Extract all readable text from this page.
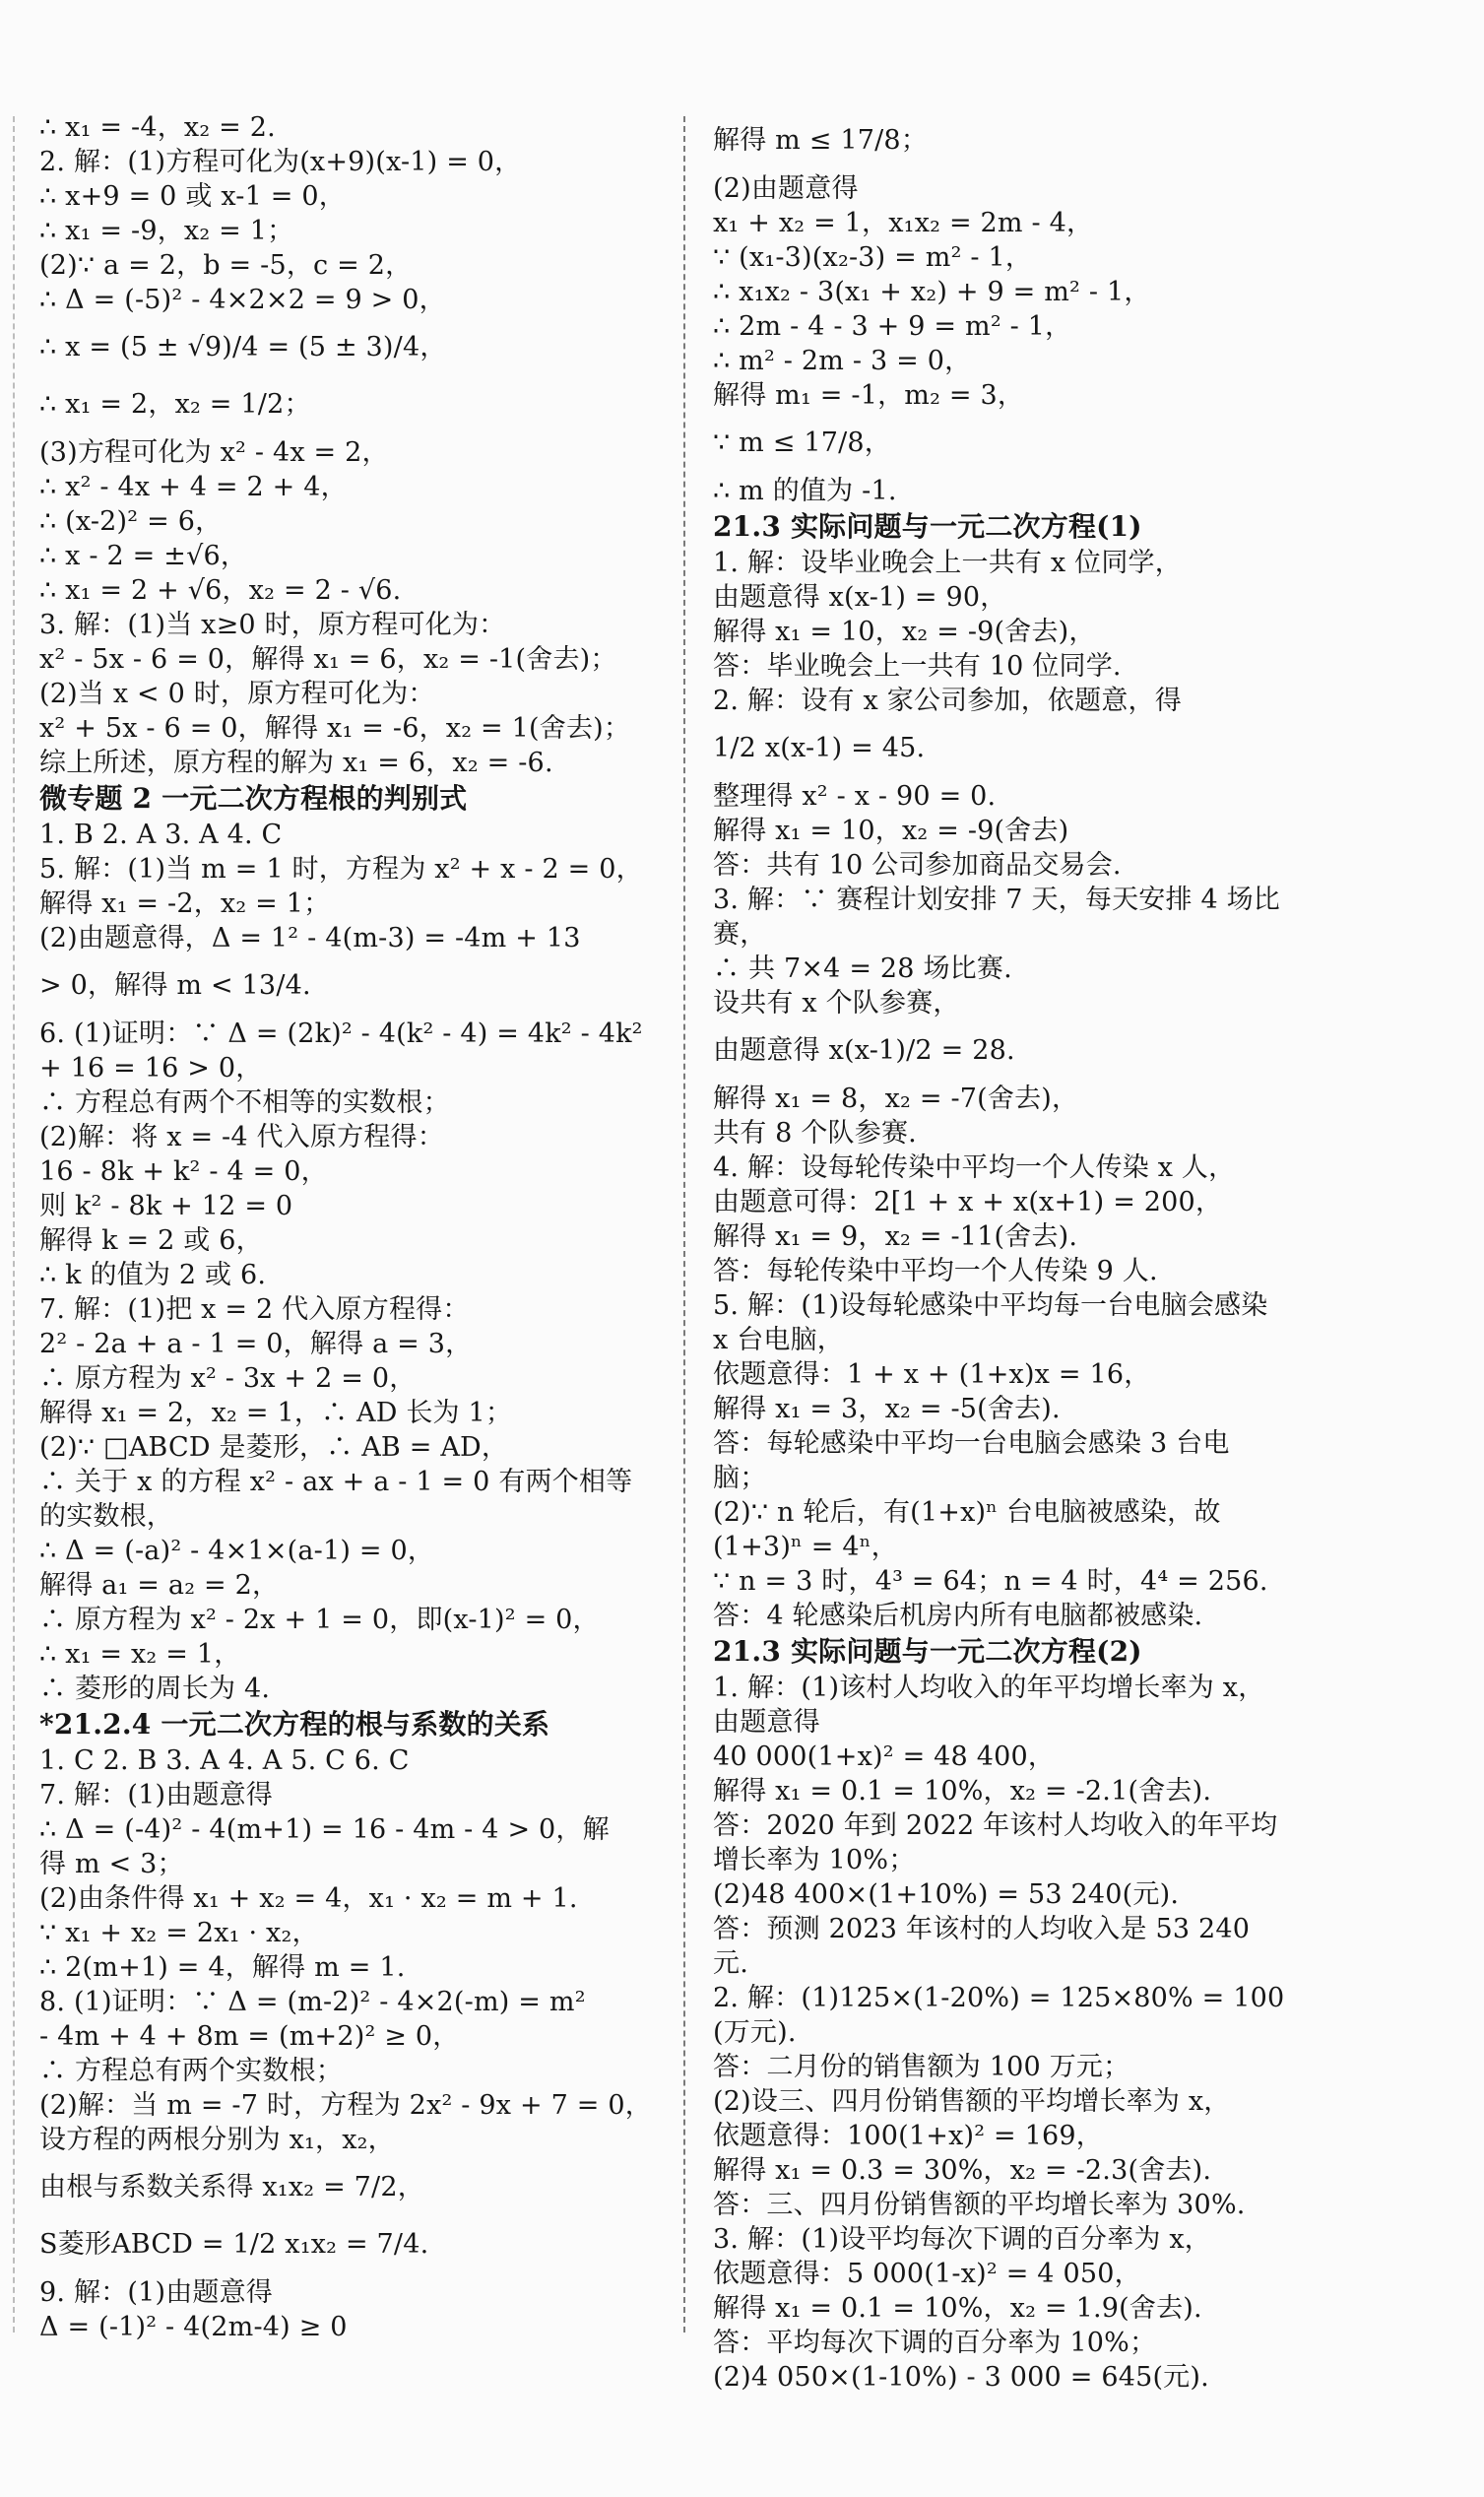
∴ x₁ = -4，x₂ = 2.
2. 解：(1)方程可化为(x+9)(x-1) = 0，
∴ x+9 = 0 或 x-1 = 0，
∴ x₁ = -9，x₂ = 1；
(2)∵ a = 2，b = -5，c = 2，
∴ Δ = (-5)² - 4×2×2 = 9 > 0，
∴ x = (5 ± √9)/4 = (5 ± 3)/4，
∴ x₁ = 2，x₂ = 1/2；
(3)方程可化为 x² - 4x = 2，
∴ x² - 4x + 4 = 2 + 4，
∴ (x-2)² = 6，
∴ x - 2 = ±√6，
∴ x₁ = 2 + √6，x₂ = 2 - √6.
3. 解：(1)当 x≥0 时，原方程可化为：
x² - 5x - 6 = 0，解得 x₁ = 6，x₂ = -1(舍去)；
(2)当 x < 0 时，原方程可化为：
x² + 5x - 6 = 0，解得 x₁ = -6，x₂ = 1(舍去)；
综上所述，原方程的解为 x₁ = 6，x₂ = -6.
微专题 2 一元二次方程根的判别式
1. B 2. A 3. A 4. C
5. 解：(1)当 m = 1 时，方程为 x² + x - 2 = 0，
解得 x₁ = -2，x₂ = 1；
(2)由题意得，Δ = 1² - 4(m-3) = -4m + 13
> 0，解得 m < 13/4.
6. (1)证明：∵ Δ = (2k)² - 4(k² - 4) = 4k² - 4k²
+ 16 = 16 > 0，
∴ 方程总有两个不相等的实数根；
(2)解：将 x = -4 代入原方程得：
16 - 8k + k² - 4 = 0，
则 k² - 8k + 12 = 0
解得 k = 2 或 6，
∴ k 的值为 2 或 6.
7. 解：(1)把 x = 2 代入原方程得：
2² - 2a + a - 1 = 0，解得 a = 3，
∴ 原方程为 x² - 3x + 2 = 0，
解得 x₁ = 2，x₂ = 1，∴ AD 长为 1；
(2)∵ □ABCD 是菱形，∴ AB = AD，
∴ 关于 x 的方程 x² - ax + a - 1 = 0 有两个相等
的实数根，
∴ Δ = (-a)² - 4×1×(a-1) = 0，
解得 a₁ = a₂ = 2，
∴ 原方程为 x² - 2x + 1 = 0，即(x-1)² = 0，
∴ x₁ = x₂ = 1，
∴ 菱形的周长为 4.
*21.2.4 一元二次方程的根与系数的关系
1. C 2. B 3. A 4. A 5. C 6. C
7. 解：(1)由题意得
∴ Δ = (-4)² - 4(m+1) = 16 - 4m - 4 > 0，解
得 m < 3；
(2)由条件得 x₁ + x₂ = 4，x₁ · x₂ = m + 1.
∵ x₁ + x₂ = 2x₁ · x₂，
∴ 2(m+1) = 4，解得 m = 1.
8. (1)证明：∵ Δ = (m-2)² - 4×2(-m) = m²
- 4m + 4 + 8m = (m+2)² ≥ 0，
∴ 方程总有两个实数根；
(2)解：当 m = -7 时，方程为 2x² - 9x + 7 = 0，
设方程的两根分别为 x₁，x₂，
由根与系数关系得 x₁x₂ = 7/2，
S菱形ABCD = 1/2 x₁x₂ = 7/4.
9. 解：(1)由题意得
Δ = (-1)² - 4(2m-4) ≥ 0
解得 m ≤ 17/8；
(2)由题意得
x₁ + x₂ = 1，x₁x₂ = 2m - 4，
∵ (x₁-3)(x₂-3) = m² - 1，
∴ x₁x₂ - 3(x₁ + x₂) + 9 = m² - 1，
∴ 2m - 4 - 3 + 9 = m² - 1，
∴ m² - 2m - 3 = 0，
解得 m₁ = -1，m₂ = 3，
∵ m ≤ 17/8，
∴ m 的值为 -1.
21.3 实际问题与一元二次方程(1)
1. 解：设毕业晚会上一共有 x 位同学，
由题意得 x(x-1) = 90，
解得 x₁ = 10，x₂ = -9(舍去)，
答：毕业晚会上一共有 10 位同学.
2. 解：设有 x 家公司参加，依题意，得
1/2 x(x-1) = 45.
整理得 x² - x - 90 = 0.
解得 x₁ = 10，x₂ = -9(舍去)
答：共有 10 公司参加商品交易会.
3. 解：∵ 赛程计划安排 7 天，每天安排 4 场比
赛，
∴ 共 7×4 = 28 场比赛.
设共有 x 个队参赛，
由题意得 x(x-1)/2 = 28.
解得 x₁ = 8，x₂ = -7(舍去)，
共有 8 个队参赛.
4. 解：设每轮传染中平均一个人传染 x 人，
由题意可得：2[1 + x + x(x+1) = 200，
解得 x₁ = 9，x₂ = -11(舍去).
答：每轮传染中平均一个人传染 9 人.
5. 解：(1)设每轮感染中平均每一台电脑会感染
x 台电脑，
依题意得：1 + x + (1+x)x = 16，
解得 x₁ = 3，x₂ = -5(舍去).
答：每轮感染中平均一台电脑会感染 3 台电
脑；
(2)∵ n 轮后，有(1+x)ⁿ 台电脑被感染，故
(1+3)ⁿ = 4ⁿ，
∵ n = 3 时，4³ = 64；n = 4 时，4⁴ = 256.
答：4 轮感染后机房内所有电脑都被感染.
21.3 实际问题与一元二次方程(2)
1. 解：(1)该村人均收入的年平均增长率为 x，
由题意得
40 000(1+x)² = 48 400，
解得 x₁ = 0.1 = 10%，x₂ = -2.1(舍去).
答：2020 年到 2022 年该村人均收入的年平均
增长率为 10%；
(2)48 400×(1+10%) = 53 240(元).
答：预测 2023 年该村的人均收入是 53 240
元.
2. 解：(1)125×(1-20%) = 125×80% = 100
(万元).
答：二月份的销售额为 100 万元；
(2)设三、四月份销售额的平均增长率为 x，
依题意得：100(1+x)² = 169，
解得 x₁ = 0.3 = 30%，x₂ = -2.3(舍去).
答：三、四月份销售额的平均增长率为 30%.
3. 解：(1)设平均每次下调的百分率为 x，
依题意得：5 000(1-x)² = 4 050，
解得 x₁ = 0.1 = 10%，x₂ = 1.9(舍去).
答：平均每次下调的百分率为 10%；
(2)4 050×(1-10%) - 3 000 = 645(元).
